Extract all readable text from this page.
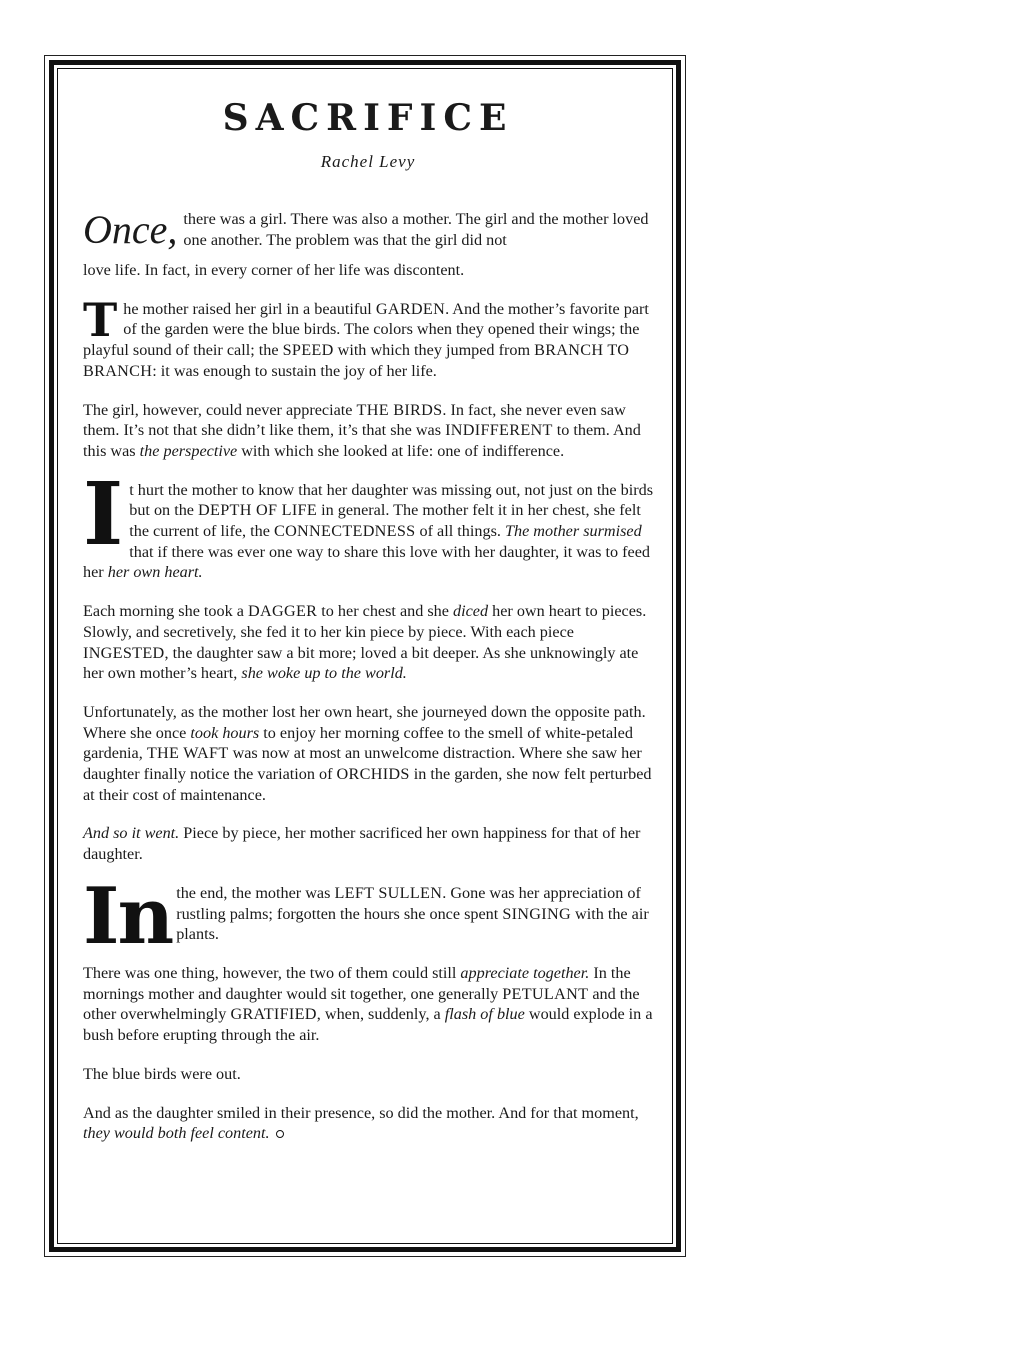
SACRIFICE
Rachel Levy
Once, there was a girl. There was also a mother. The girl and the mother loved one another. The problem was that the girl did not

love life. In fact, in every corner of her life was discontent.

The mother raised her girl in a beautiful GARDEN. And the mother’s favorite part of the garden were the blue birds. The colors when they opened their wings; the playful sound of their call; the SPEED with which they jumped from BRANCH TO BRANCH: it was enough to sustain the joy of her life.

The girl, however, could never appreciate THE BIRDS. In fact, she never even saw them. It’s not that she didn’t like them, it’s that she was INDIFFERENT to them. And this was the perspective with which she looked at life: one of indifference.

It hurt the mother to know that her daughter was missing out, not just on the birds but on the DEPTH OF LIFE in general. The mother felt it in her chest, she felt the current of life, the CONNECTEDNESS of all things. The mother surmised that if there was ever one way to share this love with her daughter, it was to feed her her own heart.

Each morning she took a DAGGER to her chest and she diced her own heart to pieces. Slowly, and secretively, she fed it to her kin piece by piece. With each piece INGESTED, the daughter saw a bit more; loved a bit deeper. As she unknowingly ate her own mother’s heart, she woke up to the world.

Unfortunately, as the mother lost her own heart, she journeyed down the opposite path. Where she once took hours to enjoy her morning coffee to the smell of white-petaled gardenia, THE WAFT was now at most an unwelcome distraction. Where she saw her daughter finally notice the variation of ORCHIDS in the garden, she now felt perturbed at their cost of maintenance.

And so it went. Piece by piece, her mother sacrificed her own happiness for that of her daughter.

In the end, the mother was LEFT SULLEN. Gone was her appreciation of rustling palms; forgotten the hours she once spent SINGING with the air plants.

There was one thing, however, the two of them could still appreciate together. In the mornings mother and daughter would sit together, one generally PETULANT and the other overwhelmingly GRATIFIED, when, suddenly, a flash of blue would explode in a bush before erupting through the air.

The blue birds were out.

And as the daughter smiled in their presence, so did the mother. And for that moment, they would both feel content.
